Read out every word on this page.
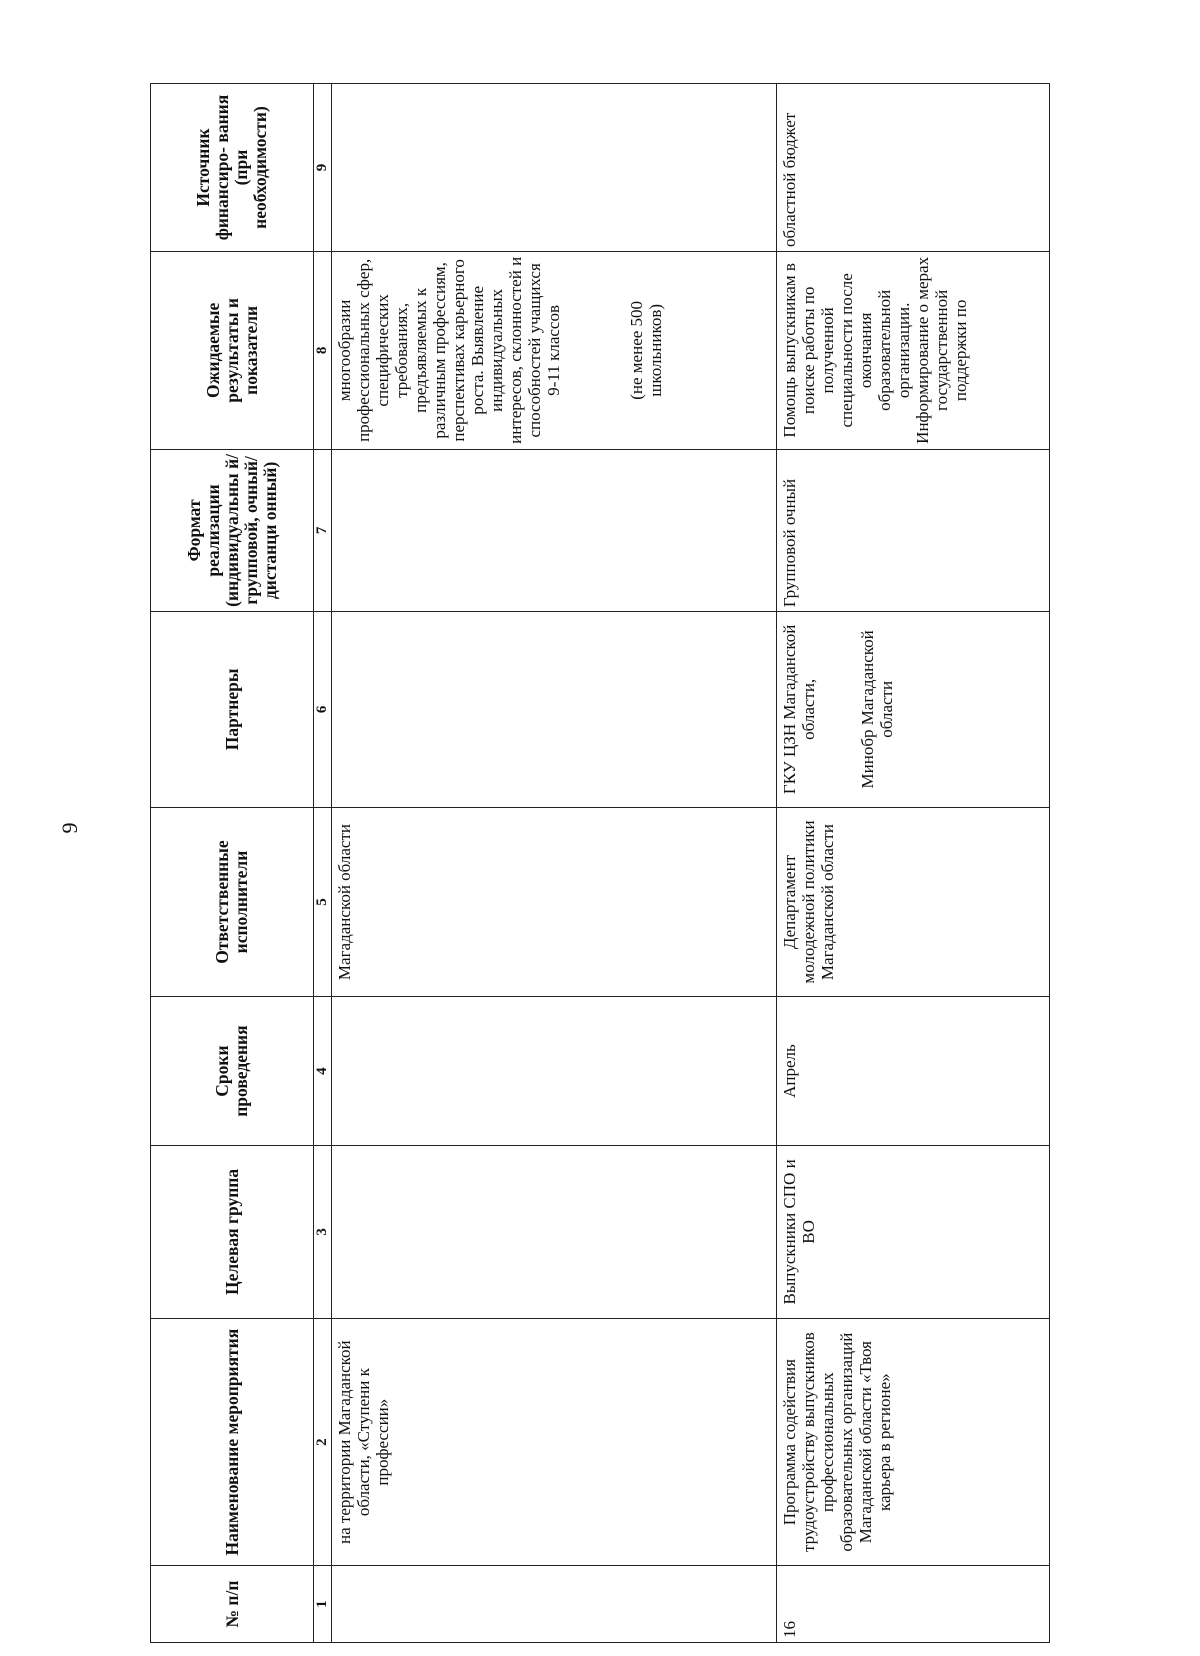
9
№ п/п	Наименование мероприятия	Целевая группа	Сроки проведения	Ответственные исполнители	Партнеры	Формат реализации (индивидуальны й/групповой, очный/дистанци онный)	Ожидаемые результаты и показатели	Источник финансиро- вания (при необходимости)
1	2	3	4	5	6	7	8	9
	на территории Магаданской области, «Ступени к профессии»			Магаданской области			многообразии профессиональных сфер, специфических требованиях, предъявляемых к различным профессиям, перспективах карьерного роста. Выявление индивидуальных интересов, склонностей и способностей учащихся 9-11 классов (не менее 500 школьников)	
16	Программа содействия трудоустройству выпускников профессиональных образовательных организаций Магаданской области «Твоя карьера в регионе»	Выпускники СПО и ВО	Апрель	Департамент молодежной политики Магаданской области	ГКУ ЦЗН Магаданской области, Минобр Магаданской области	Групповой очный	Помощь выпускникам в поиске работы по полученной специальности после окончания образовательной организации. Информирование о мерах государственной поддержки по	областной бюджет
